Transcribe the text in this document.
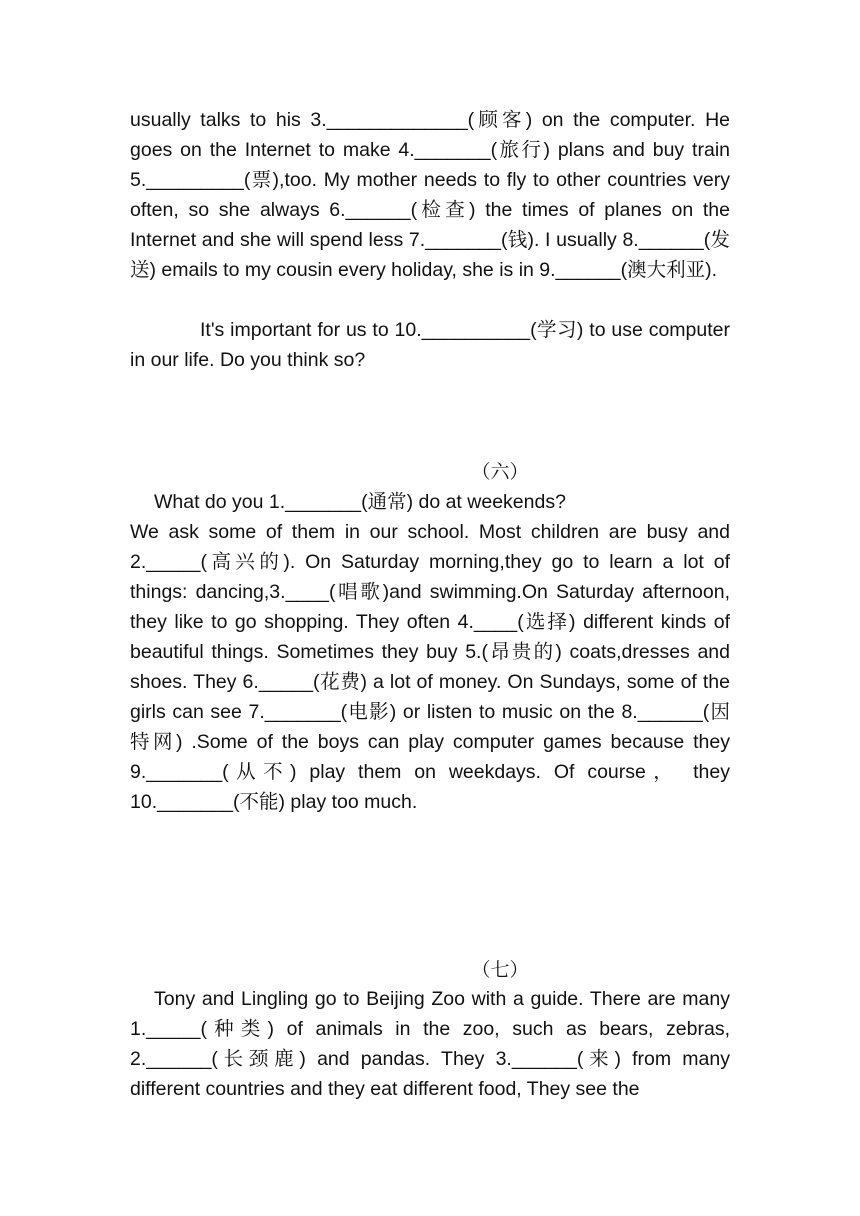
usually talks to his 3._____________(顾客) on the computer. He goes on the Internet to make 4._______(旅行) plans and buy train 5._________(票),too. My mother needs to fly to other countries very often, so she always 6.______(检查) the times of planes on the Internet and she will spend less 7._______(钱). I usually 8.______(发送) emails to my cousin every holiday, she is in 9.______(澳大利亚).

It's important for us to 10.__________(学习) to use computer in our life. Do you think so?

（六）
What do you 1._______(通常) do at weekends?
We ask some of them in our school. Most children are busy and 2._____(高兴的). On Saturday morning,they go to learn a lot of things: dancing,3.____(唱歌)and swimming.On Saturday afternoon, they like to go shopping. They often 4.____(选择) different kinds of beautiful things. Sometimes they buy 5.(昂贵的) coats,dresses and shoes. They 6._____(花费) a lot of money. On Sundays, some of the girls can see 7._______(电影) or listen to music on the 8.______(因特网) .Some of the boys can play computer games because they 9._______(从不) play them on weekdays. Of course， they 10._______(不能) play too much.
（七）

Tony and Lingling go to Beijing Zoo with a guide. There are many 1._____(种类) of animals in the zoo, such as bears, zebras, 2.______(长颈鹿) and pandas. They 3.______(来) from many different countries and they eat different food, They see the
